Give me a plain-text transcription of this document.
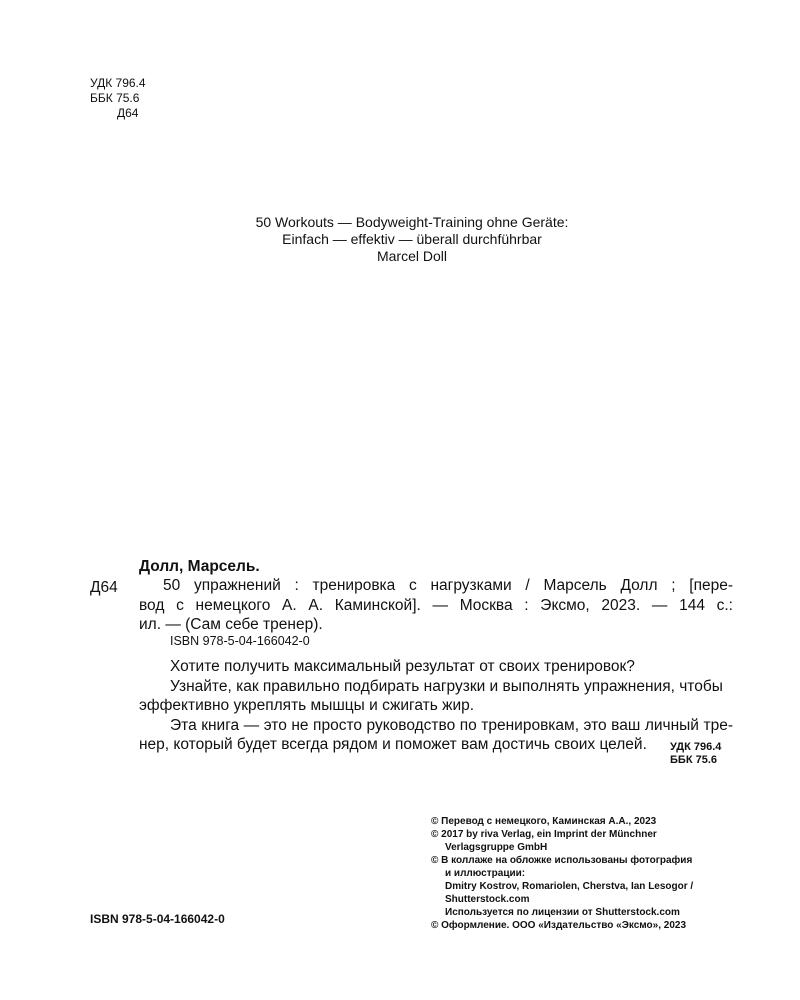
УДК 796.4
ББК 75.6
Д64
50 Workouts — Bodyweight-Training ohne Geräte:
Einfach — effektiv — überall durchführbar
Marcel Doll
Долл, Марсель.
Д64	50 упражнений : тренировка с нагрузками / Марсель Долл ; [пере-
вод с немецкого А. А. Каминской]. — Москва : Эксмо, 2023. — 144 с.:
ил. — (Сам себе тренер).
ISBN 978-5-04-166042-0
Хотите получить максимальный результат от своих тренировок?
Узнайте, как правильно подбирать нагрузки и выполнять упражнения, чтобы
эффективно укреплять мышцы и сжигать жир.
Эта книга — это не просто руководство по тренировкам, это ваш личный тре-
нер, который будет всегда рядом и поможет вам достичь своих целей.	УДК 796.4
ББК 75.6
ISBN 978-5-04-166042-0
© Перевод с немецкого, Каминская А.А., 2023
© 2017 by riva Verlag, ein Imprint der Münchner
Verlagsgruppe GmbH
© В коллаже на обложке использованы фотография
и иллюстрации:
Dmitry Kostrov, Romariolen, Cherstva, Ian Lesogor /
Shutterstock.com
Используется по лицензии от Shutterstock.com
© Оформление. ООО «Издательство «Эксмо», 2023
